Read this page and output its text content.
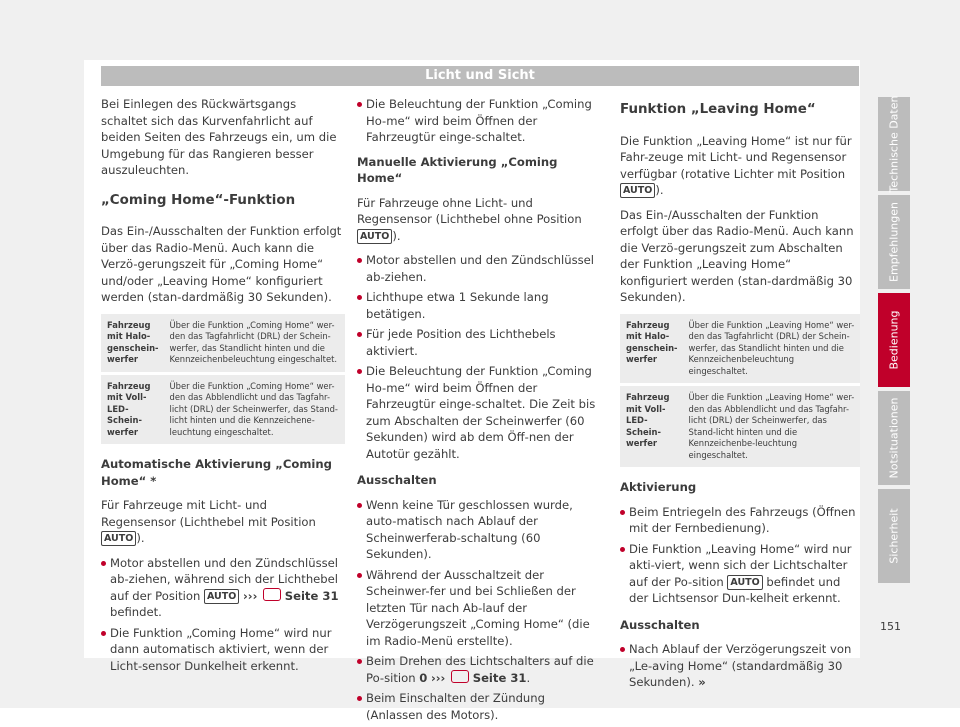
Licht und Sicht

Bei Einlegen des Rückwärtsgangs schaltet sich das Kurvenfahrlicht auf beiden Seiten des Fahrzeugs ein, um die Umgebung für das Rangieren besser auszuleuchten.

„Coming Home“-Funktion

Das Ein-/Ausschalten der Funktion erfolgt über das Radio-Menü. Auch kann die Verzö-gerungszeit für „Coming Home“ und/oder „Leaving Home“ konfiguriert werden (stan-dardmäßig 30 Sekunden).

Fahrzeug mit Halo-genschein-werfer	Über die Funktion „Coming Home“ wer-den das Tagfahrlicht (DRL) der Schein-werfer, das Standlicht hinten und die Kennzeichenbeleuchtung eingeschaltet.
Fahrzeug mit Voll-LED-Schein-werfer	Über die Funktion „Coming Home“ wer-den das Abblendlicht und das Tagfahr-licht (DRL) der Scheinwerfer, das Stand-licht hinten und die Kennzeichene-leuchtung eingeschaltet.

Automatische Aktivierung „Coming Home“ *

Für Fahrzeuge mit Licht- und Regensensor (Lichthebel mit Position AUTO ).

Motor abstellen und den Zündschlüssel ab-ziehen, während sich der Lichthebel auf der Position AUTO ››› Seite 31 befindet.
Die Funktion „Coming Home“ wird nur dann automatisch aktiviert, wenn der Licht-sensor Dunkelheit erkennt.
Die Beleuchtung der Funktion „Coming Ho-me“ wird beim Öffnen der Fahrzeugtür einge-schaltet.

Manuelle Aktivierung „Coming Home“

Für Fahrzeuge ohne Licht- und Regensensor (Lichthebel ohne Position AUTO ).

Motor abstellen und den Zündschlüssel ab-ziehen.
Lichthupe etwa 1 Sekunde lang betätigen.
Für jede Position des Lichthebels aktiviert.
Die Beleuchtung der Funktion „Coming Ho-me“ wird beim Öffnen der Fahrzeugtür einge-schaltet. Die Zeit bis zum Abschalten der Scheinwerfer (60 Sekunden) wird ab dem Öff-nen der Autotür gezählt.

Ausschalten

Wenn keine Tür geschlossen wurde, auto-matisch nach Ablauf der Scheinwerferab-schaltung (60 Sekunden).
Während der Ausschaltzeit der Scheinwer-fer und bei Schließen der letzten Tür nach Ab-lauf der Verzögerungszeit „Coming Home“ (die im Radio-Menü erstellte).
Beim Drehen des Lichtschalters auf die Po-sition 0 ››› Seite 31.
Beim Einschalten der Zündung (Anlassen des Motors).
Funktion „Leaving Home“

Die Funktion „Leaving Home“ ist nur für Fahr-zeuge mit Licht- und Regensensor verfügbar (rotative Lichter mit Position AUTO ).

Das Ein-/Ausschalten der Funktion erfolgt über das Radio-Menü. Auch kann die Verzö-gerungszeit zum Abschalten der Funktion „Leaving Home“ konfiguriert werden (stan-dardmäßig 30 Sekunden).

Fahrzeug mit Halo-genschein-werfer	Über die Funktion „Leaving Home“ wer-den das Tagfahrlicht (DRL) der Schein-werfer, das Standlicht hinten und die Kennzeichenbeleuchtung eingeschaltet.
Fahrzeug mit Voll-LED-Schein-werfer	Über die Funktion „Leaving Home“ wer-den das Abblendlicht und das Tagfahr-licht (DRL) der Scheinwerfer, das Stand-licht hinten und die Kennzeichenbe-leuchtung eingeschaltet.

Aktivierung

Beim Entriegeln des Fahrzeugs (Öffnen mit der Fernbedienung).
Die Funktion „Leaving Home“ wird nur akti-viert, wenn sich der Lichtschalter auf der Po-sition AUTO befindet und der Lichtsensor Dun-kelheit erkennt.

Ausschalten

Nach Ablauf der Verzögerungszeit von „Le-aving Home“ (standardmäßig 30 Sekunden). »
Technische Daten
Empfehlungen
Bedienung
Notsituationen
Sicherheit
151
